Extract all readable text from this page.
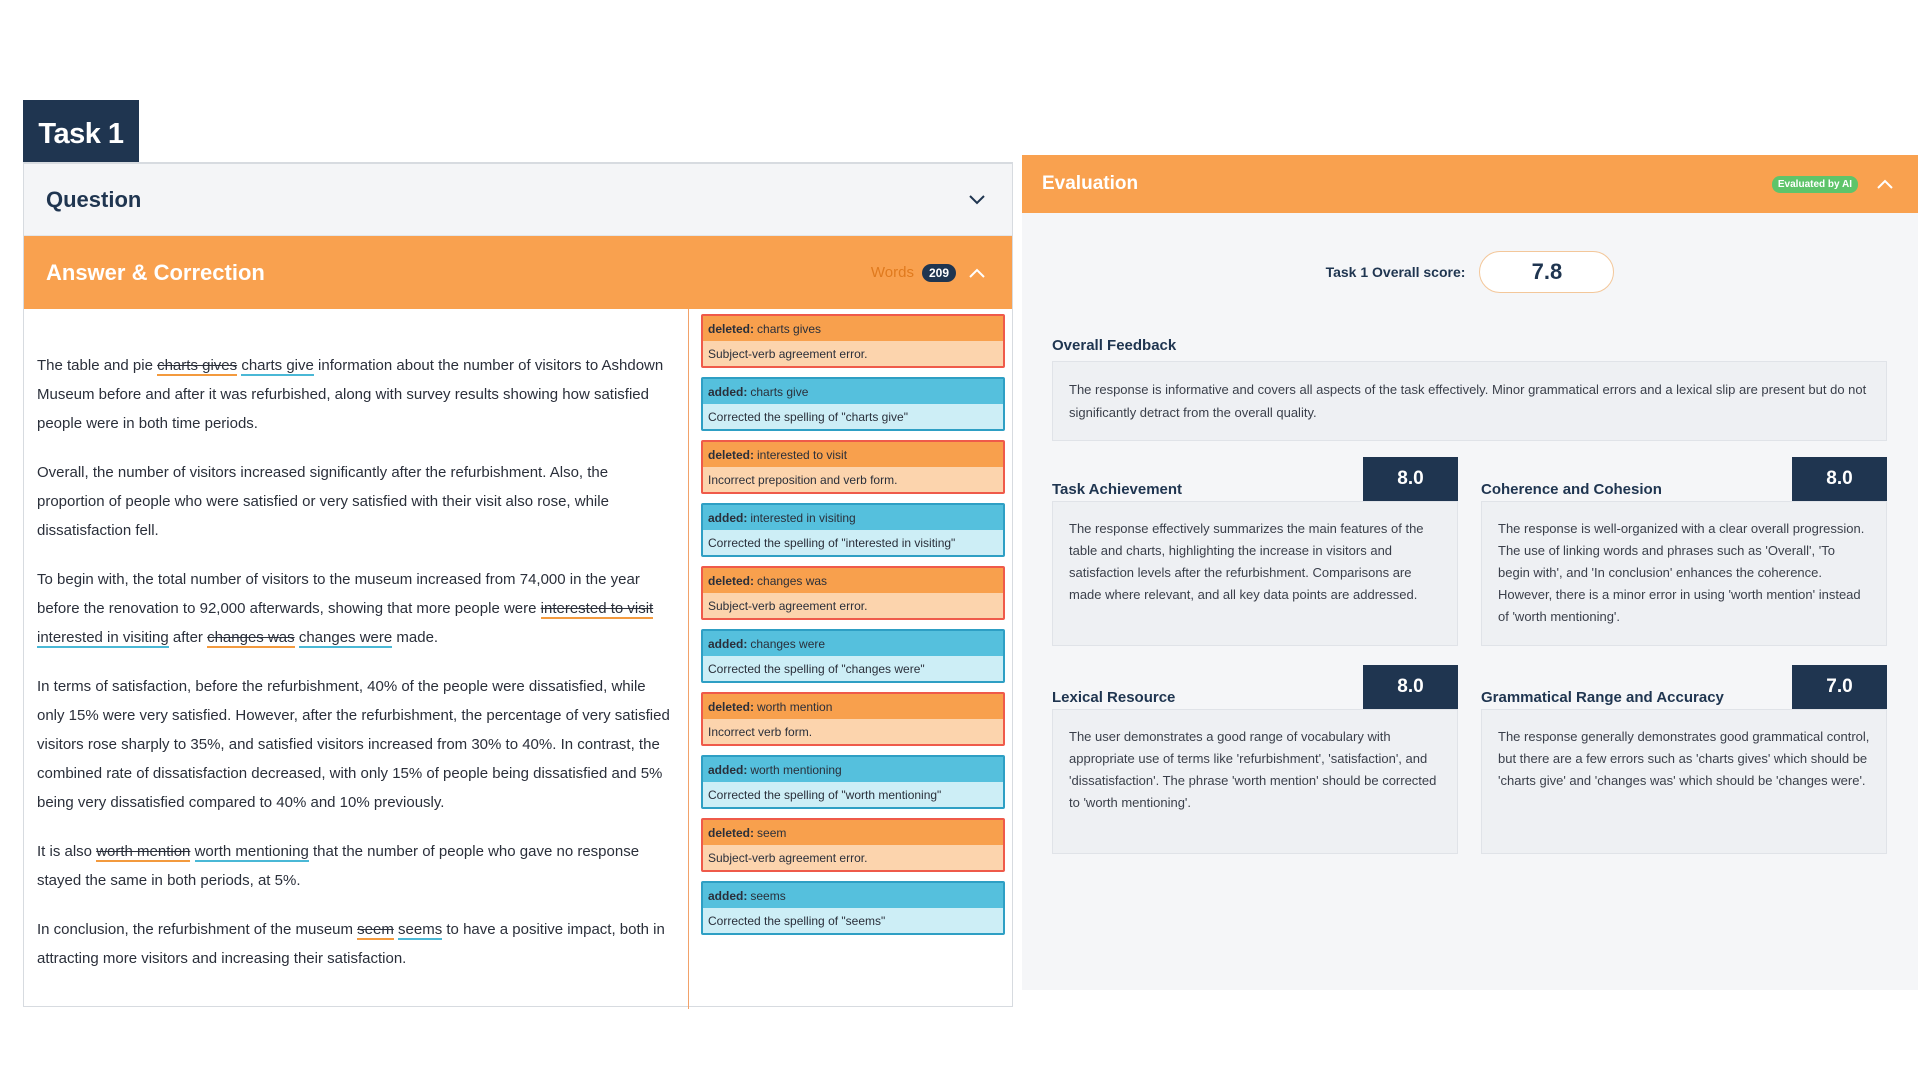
Task 1
Question
Answer & Correction	Words	209

The table and pie charts gives charts give information about the number of visitors to Ashdown Museum before and after it was refurbished, along with survey results showing how satisfied people were in both time periods.

Overall, the number of visitors increased significantly after the refurbishment. Also, the proportion of people who were satisfied or very satisfied with their visit also rose, while dissatisfaction fell.

To begin with, the total number of visitors to the museum increased from 74,000 in the year before the renovation to 92,000 afterwards, showing that more people were interested to visit interested in visiting after changes was changes were made.

In terms of satisfaction, before the refurbishment, 40% of the people were dissatisfied, while only 15% were very satisfied. However, after the refurbishment, the percentage of very satisfied visitors rose sharply to 35%, and satisfied visitors increased from 30% to 40%. In contrast, the combined rate of dissatisfaction decreased, with only 15% of people being dissatisfied and 5% being very dissatisfied compared to 40% and 10% previously.

It is also worth mention worth mentioning that the number of people who gave no response stayed the same in both periods, at 5%.

In conclusion, the refurbishment of the museum seem seems to have a positive impact, both in attracting more visitors and increasing their satisfaction.

deleted: charts gives
Subject-verb agreement error.
added: charts give
Corrected the spelling of "charts give"
deleted: interested to visit
Incorrect preposition and verb form.
added: interested in visiting
Corrected the spelling of "interested in visiting"
deleted: changes was
Subject-verb agreement error.
added: changes were
Corrected the spelling of "changes were"
deleted: worth mention
Incorrect verb form.
added: worth mentioning
Corrected the spelling of "worth mentioning"
deleted: seem
Subject-verb agreement error.
added: seems
Corrected the spelling of "seems"
Evaluation	Evaluated by AI
Task 1 Overall score:	7.8
Overall Feedback
The response is informative and covers all aspects of the task effectively. Minor grammatical errors and a lexical slip are present but do not significantly detract from the overall quality.
Task Achievement
8.0
The response effectively summarizes the main features of the table and charts, highlighting the increase in visitors and satisfaction levels after the refurbishment. Comparisons are made where relevant, and all key data points are addressed.
Coherence and Cohesion
8.0
The response is well-organized with a clear overall progression. The use of linking words and phrases such as 'Overall', 'To begin with', and 'In conclusion' enhances the coherence. However, there is a minor error in using 'worth mention' instead of 'worth mentioning'.
Lexical Resource
8.0
The user demonstrates a good range of vocabulary with appropriate use of terms like 'refurbishment', 'satisfaction', and 'dissatisfaction'. The phrase 'worth mention' should be corrected to 'worth mentioning'.
Grammatical Range and Accuracy
7.0
The response generally demonstrates good grammatical control, but there are a few errors such as 'charts gives' which should be 'charts give' and 'changes was' which should be 'changes were'.
